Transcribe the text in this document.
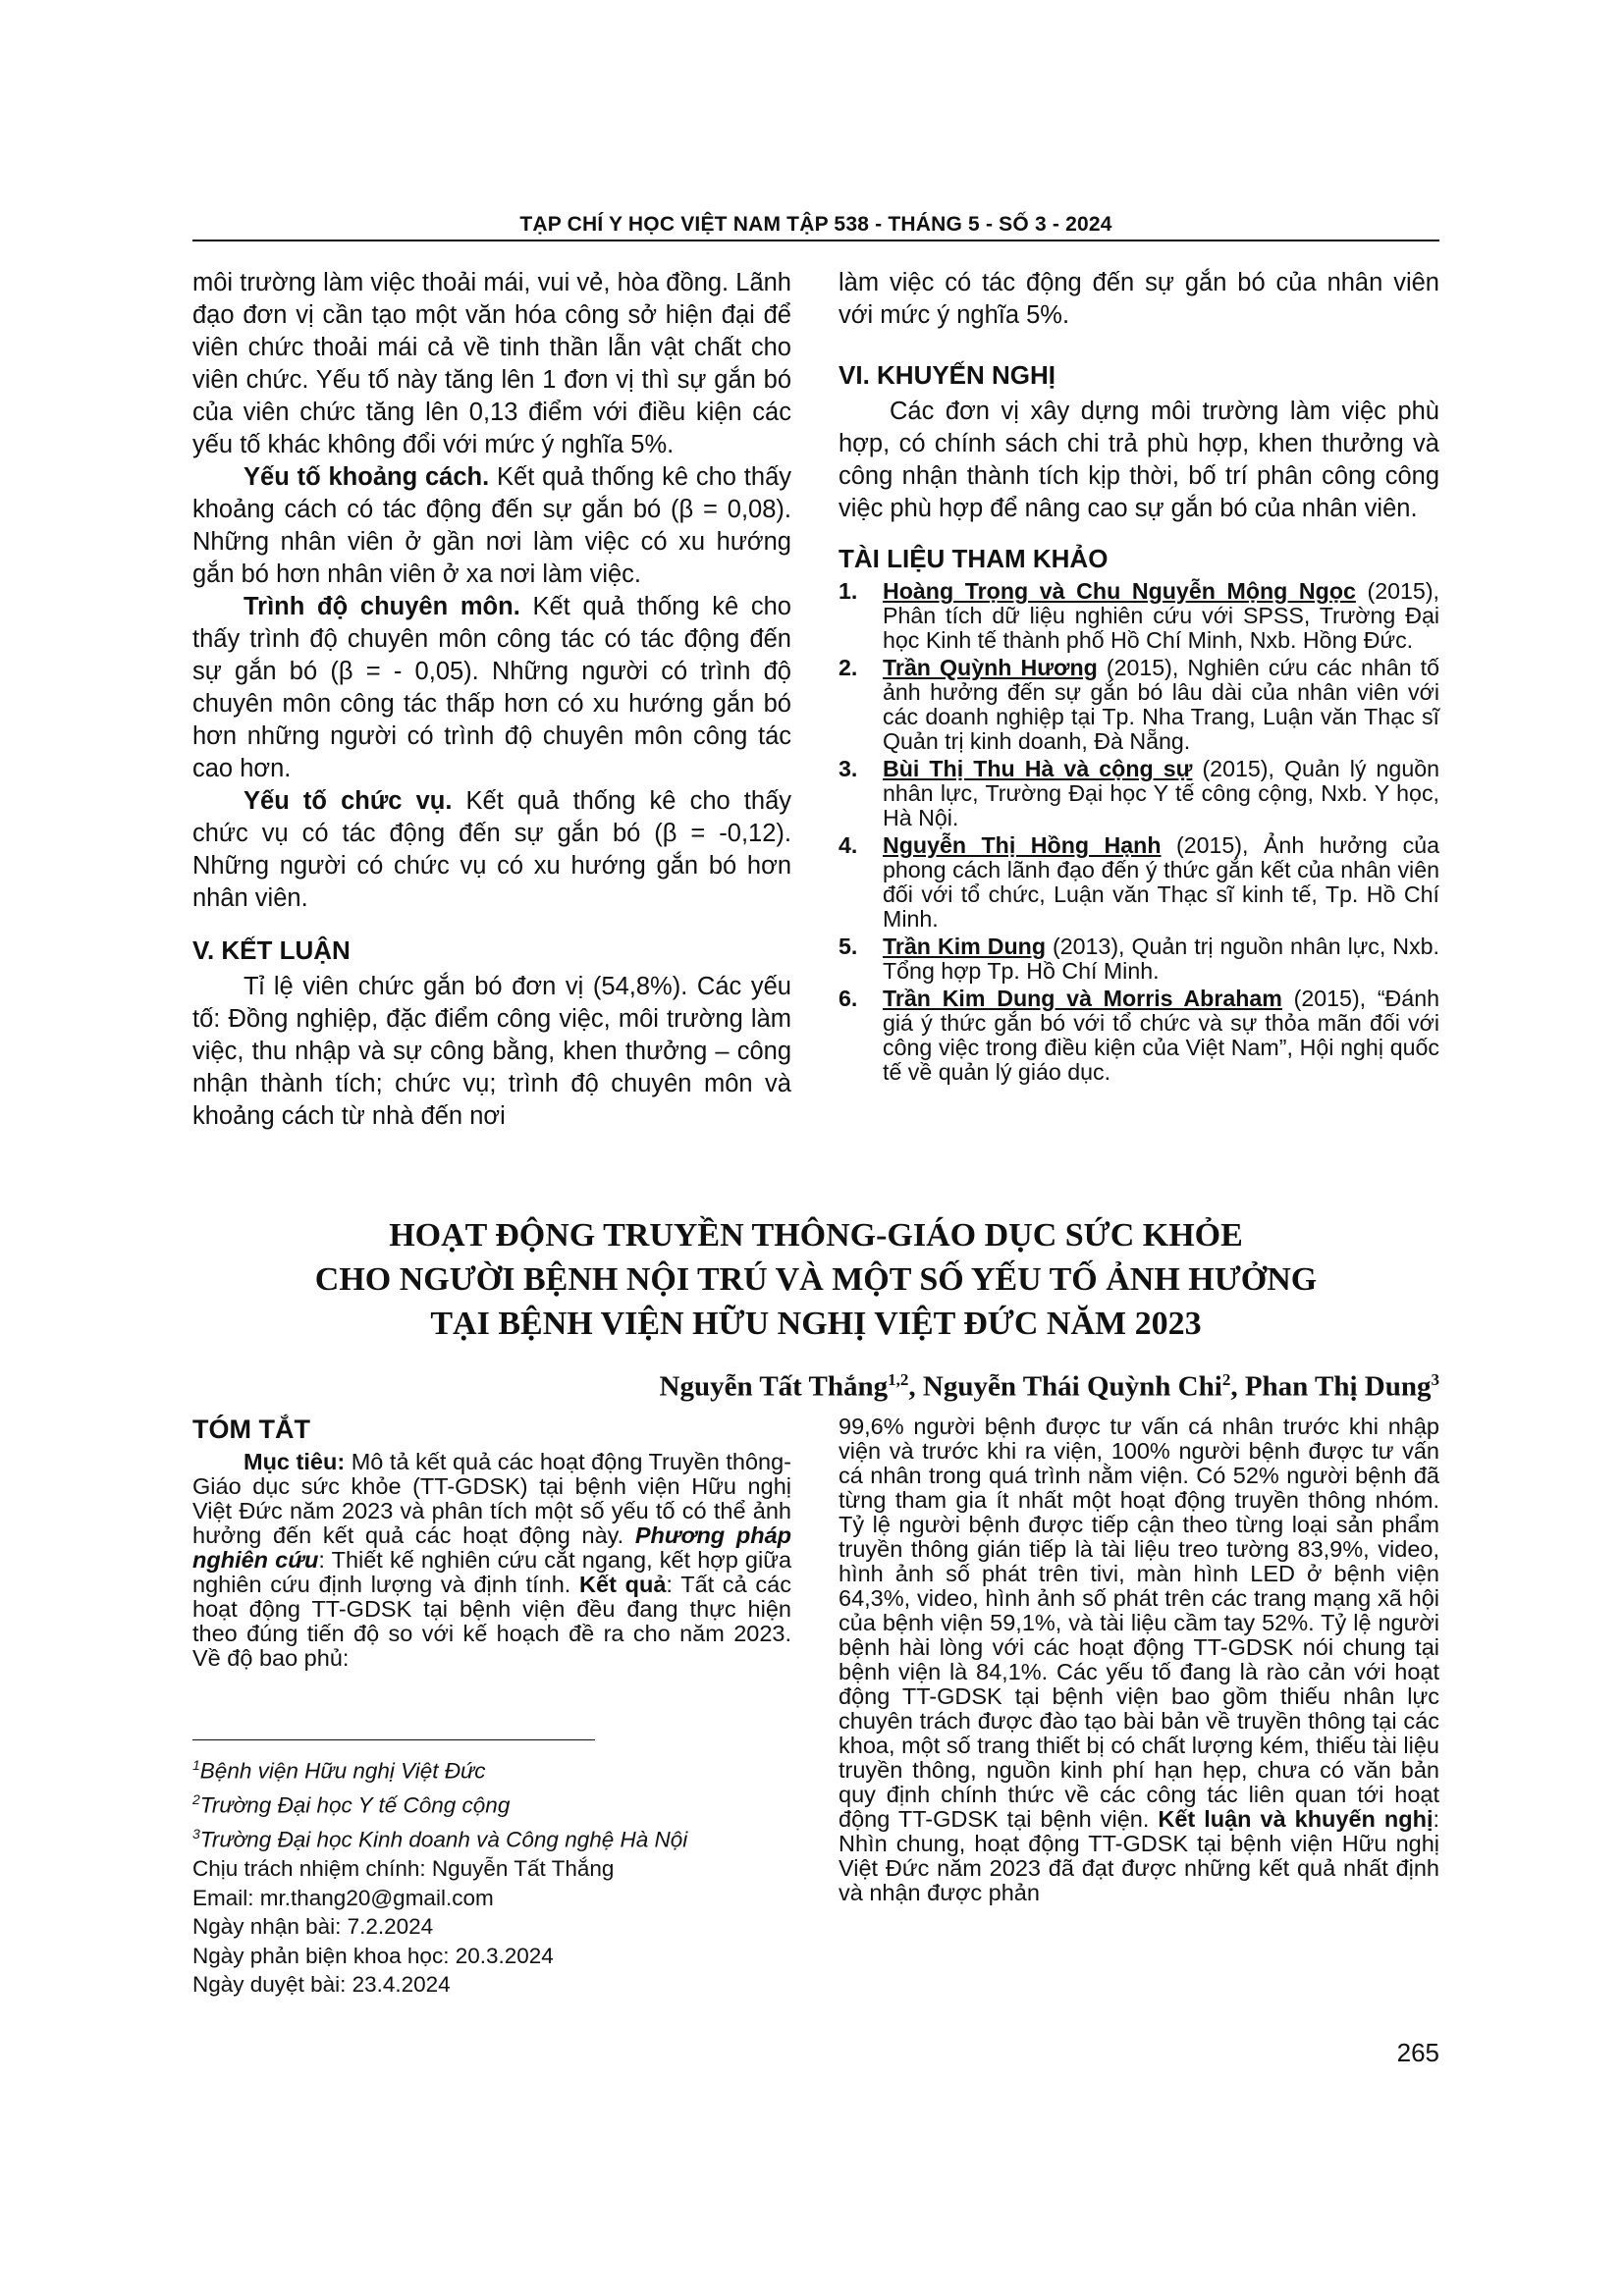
TẠP CHÍ Y HỌC VIỆT NAM TẬP 538 - THÁNG 5 - SỐ 3 - 2024

môi trường làm việc thoải mái, vui vẻ, hòa đồng. Lãnh đạo đơn vị cần tạo một văn hóa công sở hiện đại để viên chức thoải mái cả về tinh thần lẫn vật chất cho viên chức. Yếu tố này tăng lên 1 đơn vị thì sự gắn bó của viên chức tăng lên 0,13 điểm với điều kiện các yếu tố khác không đổi với mức ý nghĩa 5%.

Yếu tố khoảng cách. Kết quả thống kê cho thấy khoảng cách có tác động đến sự gắn bó (β = 0,08). Những nhân viên ở gần nơi làm việc có xu hướng gắn bó hơn nhân viên ở xa nơi làm việc.

Trình độ chuyên môn. Kết quả thống kê cho thấy trình độ chuyên môn công tác có tác động đến sự gắn bó (β = - 0,05). Những người có trình độ chuyên môn công tác thấp hơn có xu hướng gắn bó hơn những người có trình độ chuyên môn công tác cao hơn.

Yếu tố chức vụ. Kết quả thống kê cho thấy chức vụ có tác động đến sự gắn bó (β = -0,12). Những người có chức vụ có xu hướng gắn bó hơn nhân viên.

V. KẾT LUẬN

Tỉ lệ viên chức gắn bó đơn vị (54,8%). Các yếu tố: Đồng nghiệp, đặc điểm công việc, môi trường làm việc, thu nhập và sự công bằng, khen thưởng – công nhận thành tích; chức vụ; trình độ chuyên môn và khoảng cách từ nhà đến nơi

làm việc có tác động đến sự gắn bó của nhân viên với mức ý nghĩa 5%.

VI. KHUYẾN NGHỊ

Các đơn vị xây dựng môi trường làm việc phù hợp, có chính sách chi trả phù hợp, khen thưởng và công nhận thành tích kịp thời, bố trí phân công công việc phù hợp để nâng cao sự gắn bó của nhân viên.

TÀI LIỆU THAM KHẢO
1. Hoàng Trọng và Chu Nguyễn Mộng Ngọc (2015), Phân tích dữ liệu nghiên cứu với SPSS, Trường Đại học Kinh tế thành phố Hồ Chí Minh, Nxb. Hồng Đức.
2. Trần Quỳnh Hương (2015), Nghiên cứu các nhân tố ảnh hưởng đến sự gắn bó lâu dài của nhân viên với các doanh nghiệp tại Tp. Nha Trang, Luận văn Thạc sĩ Quản trị kinh doanh, Đà Nẵng.
3. Bùi Thị Thu Hà và cộng sự (2015), Quản lý nguồn nhân lực, Trường Đại học Y tế công cộng, Nxb. Y học, Hà Nội.
4. Nguyễn Thị Hồng Hạnh (2015), Ảnh hưởng của phong cách lãnh đạo đến ý thức gắn kết của nhân viên đối với tổ chức, Luận văn Thạc sĩ kinh tế, Tp. Hồ Chí Minh.
5. Trần Kim Dung (2013), Quản trị nguồn nhân lực, Nxb. Tổng hợp Tp. Hồ Chí Minh.
6. Trần Kim Dung và Morris Abraham (2015), “Đánh giá ý thức gắn bó với tổ chức và sự thỏa mãn đối với công việc trong điều kiện của Việt Nam”, Hội nghị quốc tế về quản lý giáo dục.
HOẠT ĐỘNG TRUYỀN THÔNG-GIÁO DỤC SỨC KHỎE
CHO NGƯỜI BỆNH NỘI TRÚ VÀ MỘT SỐ YẾU TỐ ẢNH HƯỞNG
TẠI BỆNH VIỆN HỮU NGHỊ VIỆT ĐỨC NĂM 2023
Nguyễn Tất Thắng$^{1,2}$, Nguyễn Thái Quỳnh Chi$^2$, Phan Thị Dung$^3$
TÓM TẮT

Mục tiêu: Mô tả kết quả các hoạt động Truyền thông-Giáo dục sức khỏe (TT-GDSK) tại bệnh viện Hữu nghị Việt Đức năm 2023 và phân tích một số yếu tố có thể ảnh hưởng đến kết quả các hoạt động này. Phương pháp nghiên cứu: Thiết kế nghiên cứu cắt ngang, kết hợp giữa nghiên cứu định lượng và định tính. Kết quả: Tất cả các hoạt động TT-GDSK tại bệnh viện đều đang thực hiện theo đúng tiến độ so với kế hoạch đề ra cho năm 2023. Về độ bao phủ:

$^1$Bệnh viện Hữu nghị Việt Đức

$^2$Trường Đại học Y tế Công cộng

$^3$Trường Đại học Kinh doanh và Công nghệ Hà Nội

Chịu trách nhiệm chính: Nguyễn Tất Thắng

Email: mr.thang20@gmail.com

Ngày nhận bài: 7.2.2024

Ngày phản biện khoa học: 20.3.2024

Ngày duyệt bài: 23.4.2024

99,6% người bệnh được tư vấn cá nhân trước khi nhập viện và trước khi ra viện, 100% người bệnh được tư vấn cá nhân trong quá trình nằm viện. Có 52% người bệnh đã từng tham gia ít nhất một hoạt động truyền thông nhóm. Tỷ lệ người bệnh được tiếp cận theo từng loại sản phẩm truyền thông gián tiếp là tài liệu treo tường 83,9%, video, hình ảnh số phát trên tivi, màn hình LED ở bệnh viện 64,3%, video, hình ảnh số phát trên các trang mạng xã hội của bệnh viện 59,1%, và tài liệu cầm tay 52%. Tỷ lệ người bệnh hài lòng với các hoạt động TT-GDSK nói chung tại bệnh viện là 84,1%. Các yếu tố đang là rào cản với hoạt động TT-GDSK tại bệnh viện bao gồm thiếu nhân lực chuyên trách được đào tạo bài bản về truyền thông tại các khoa, một số trang thiết bị có chất lượng kém, thiếu tài liệu truyền thông, nguồn kinh phí hạn hẹp, chưa có văn bản quy định chính thức về các công tác liên quan tới hoạt động TT-GDSK tại bệnh viện. Kết luận và khuyến nghị: Nhìn chung, hoạt động TT-GDSK tại bệnh viện Hữu nghị Việt Đức năm 2023 đã đạt được những kết quả nhất định và nhận được phản

265
